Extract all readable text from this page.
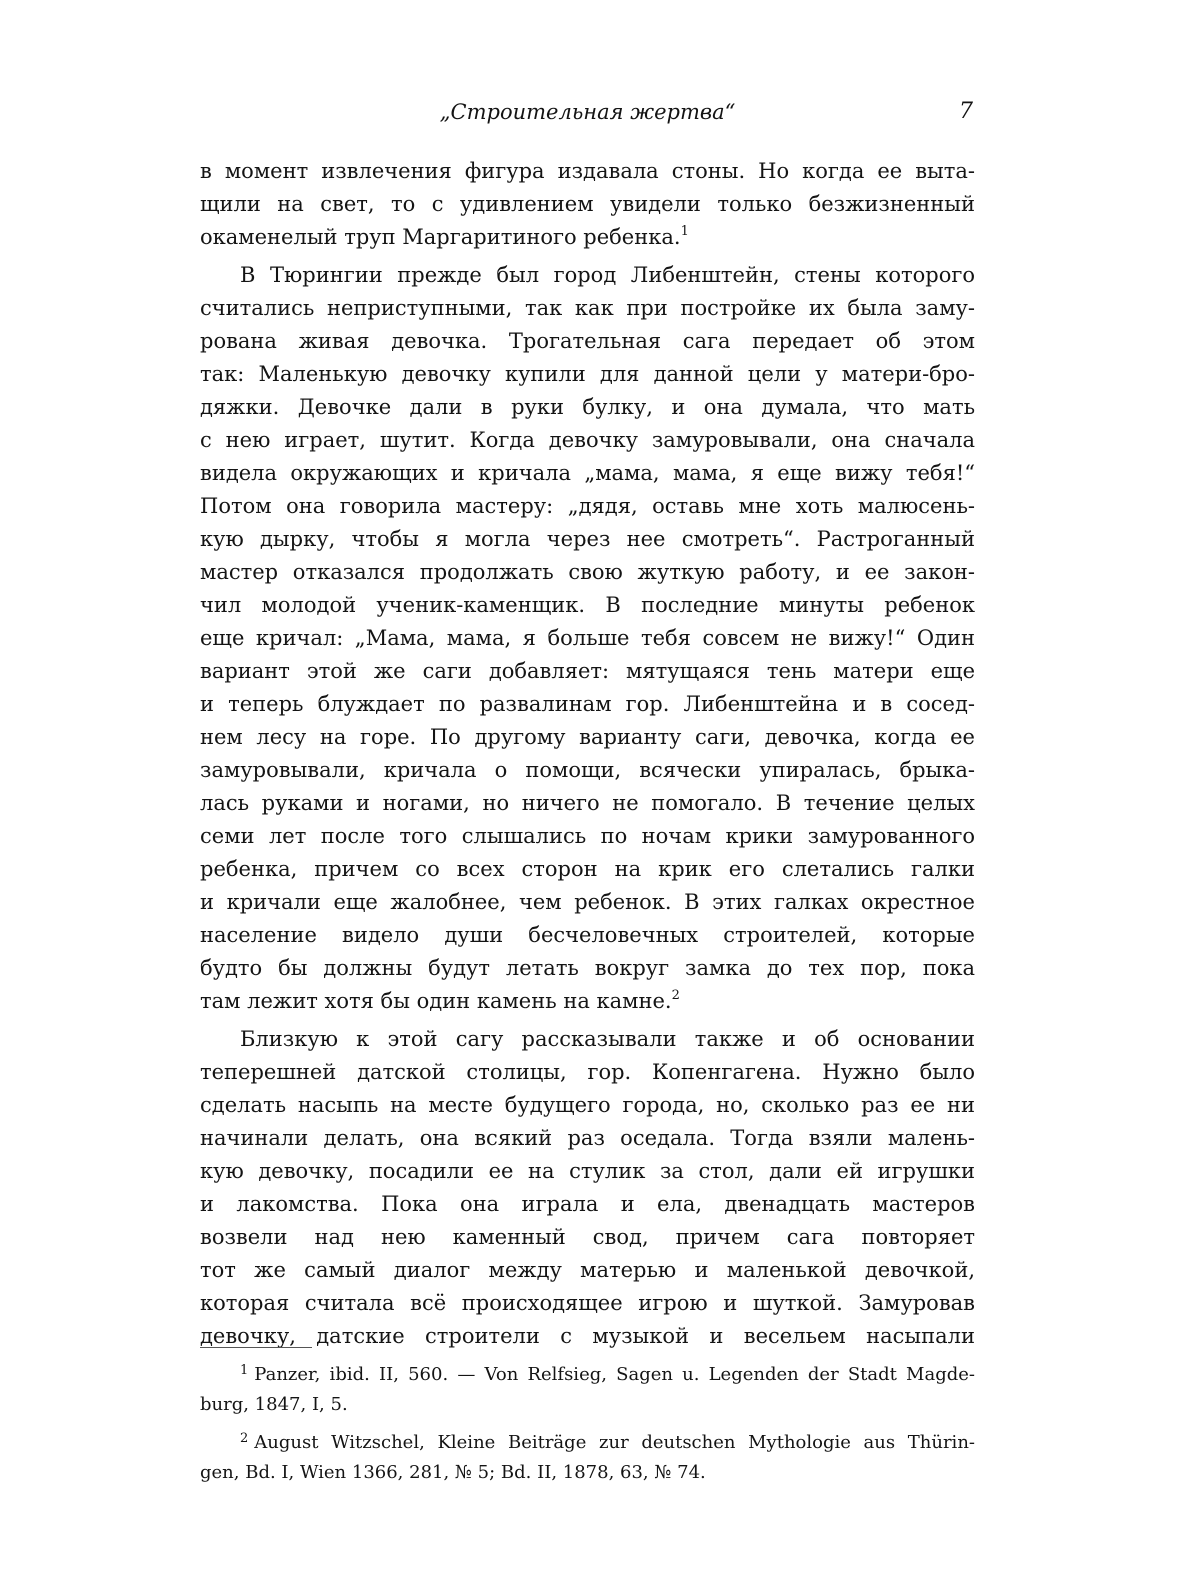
„Строительная жертва“	7
в момент извлечения фигура издавала стоны. Но когда ее выта-
щили на свет, то с удивлением увидели только безжизненный
окаменелый труп Маргаритиного ребенка.$^1$
В Тюрингии прежде был город Либенштейн, стены которого
считались неприступными, так как при постройке их была заму-
рована живая девочка. Трогательная сага передает об этом
так: Маленькую девочку купили для данной цели у матери-бро-
дяжки. Девочке дали в руки булку, и она думала, что мать
с нею играет, шутит. Когда девочку замуровывали, она сначала
видела окружающих и кричала „мама, мама, я еще вижу тебя!“
Потом она говорила мастеру: „дядя, оставь мне хоть малюсень-
кую дырку, чтобы я могла через нее смотреть“. Растроганный
мастер отказался продолжать свою жуткую работу, и ее закон-
чил молодой ученик-каменщик. В последние минуты ребенок
еще кричал: „Мама, мама, я больше тебя совсем не вижу!“ Один
вариант этой же саги добавляет: мятущаяся тень матери еще
и теперь блуждает по развалинам гор. Либенштейна и в сосед-
нем лесу на горе. По другому варианту саги, девочка, когда ее
замуровывали, кричала о помощи, всячески упиралась, брыка-
лась руками и ногами, но ничего не помогало. В течение целых
семи лет после того слышались по ночам крики замурованного
ребенка, причем со всех сторон на крик его слетались галки
и кричали еще жалобнее, чем ребенок. В этих галках окрестное
население видело души бесчеловечных строителей, которые
будто бы должны будут летать вокруг замка до тех пор, пока
там лежит хотя бы один камень на камне.$^2$
Близкую к этой сагу рассказывали также и об основании
теперешней датской столицы, гор. Копенгагена. Нужно было
сделать насыпь на месте будущего города, но, сколько раз ее ни
начинали делать, она всякий раз оседала. Тогда взяли малень-
кую девочку, посадили ее на стулик за стол, дали ей игрушки
и лакомства. Пока она играла и ела, двенадцать мастеров
возвели над нею каменный свод, причем сага повторяет
тот же самый диалог между матерью и маленькой девочкой,
которая считала всё происходящее игрою и шуткой. Замуровав
девочку, датские строители с музыкой и весельем насыпали
$^1$ Panzer, ibid. II, 560. — Von Relfsieg, Sagen u. Legenden der Stadt Magde-
burg, 1847, I, 5.
$^2$ August Witzschel, Kleine Beiträge zur deutschen Mythologie aus Thürin-
gen, Bd. I, Wien 1366, 281, № 5; Bd. II, 1878, 63, № 74.
